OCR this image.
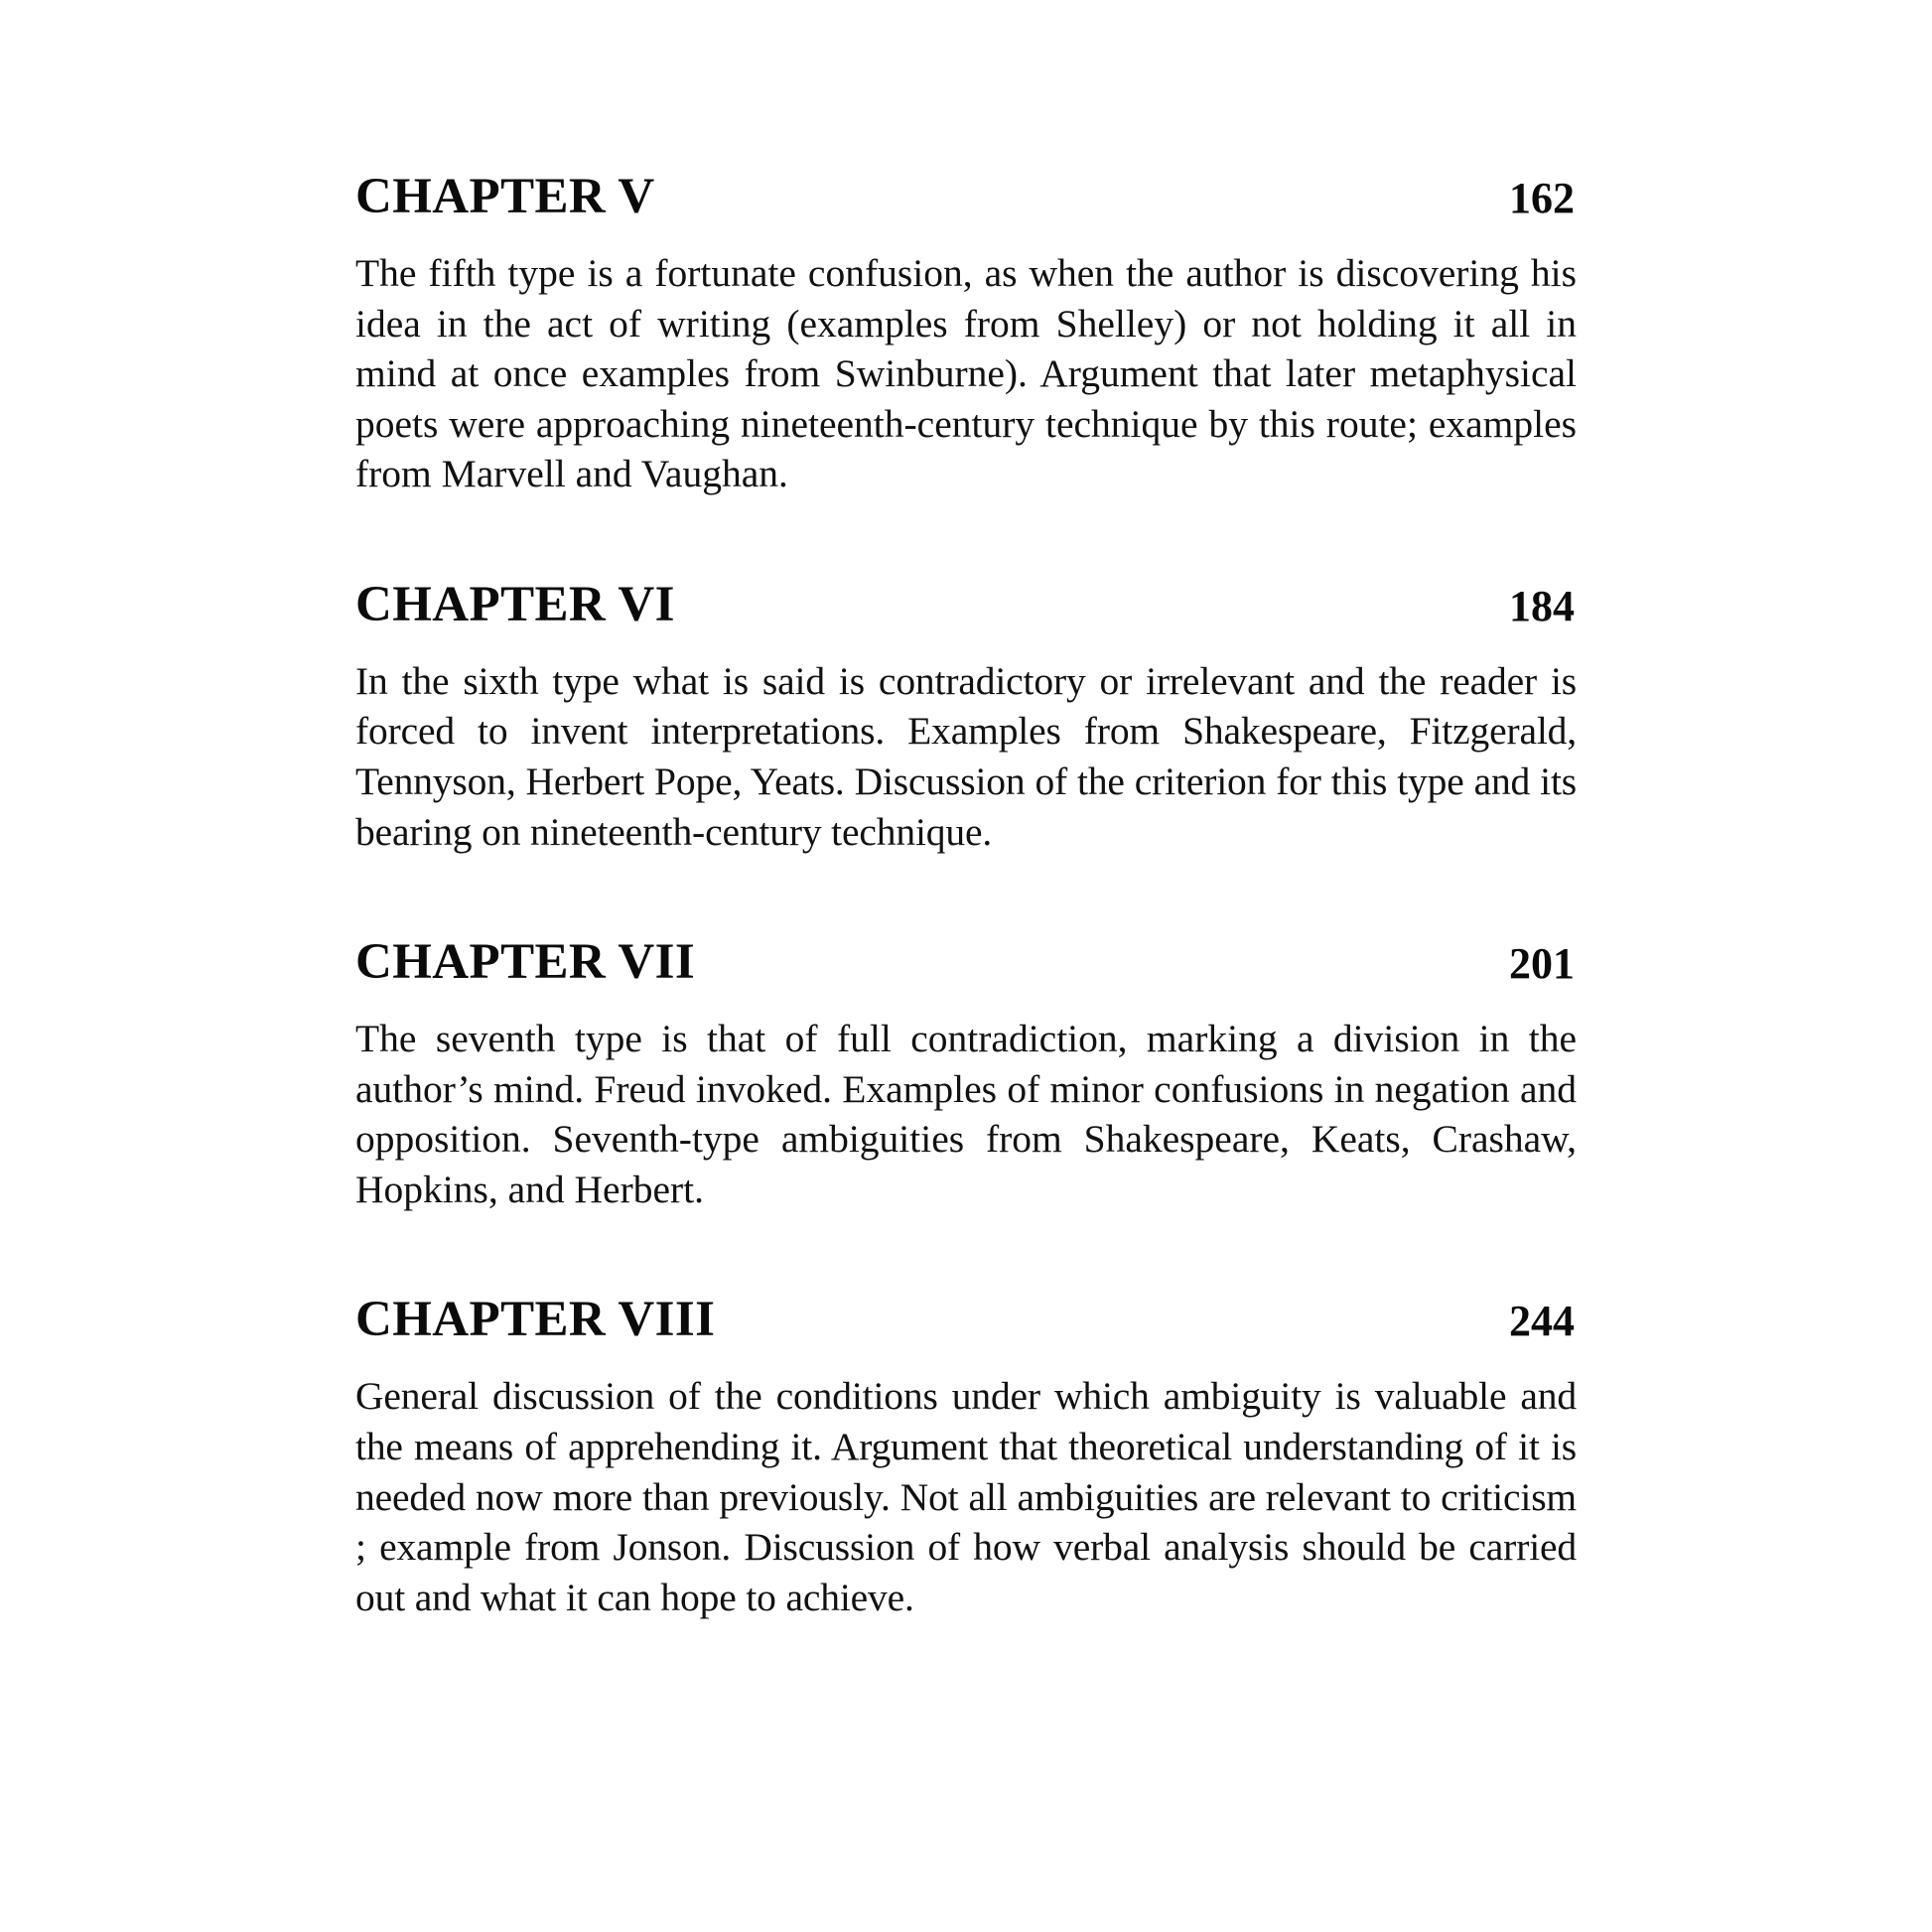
CHAPTER V	162
The fifth type is a fortunate confusion, as when the author is discovering his idea in the act of writing (examples from Shelley) or not holding it all in mind at once examples from Swinburne). Argument that later metaphysical poets were approaching nineteenth-century technique by this route; examples from Marvell and Vaughan.
CHAPTER VI	184
In the sixth type what is said is contradictory or irrelevant and the reader is forced to invent interpretations. Examples from Shakespeare, Fitzgerald, Tennyson, Herbert Pope, Yeats. Discussion of the criterion for this type and its bearing on nineteenth-century technique.
CHAPTER VII	201
The seventh type is that of full contradiction, marking a division in the author’s mind. Freud invoked. Examples of minor confusions in negation and opposition. Seventh-type ambiguities from Shakespeare, Keats, Crashaw, Hopkins, and Herbert.
CHAPTER VIII	244
General discussion of the conditions under which ambiguity is valuable and the means of apprehending it. Argument that theoretical understanding of it is needed now more than previously. Not all ambiguities are relevant to criticism ; example from Jonson. Discussion of how verbal analysis should be carried out and what it can hope to achieve.
